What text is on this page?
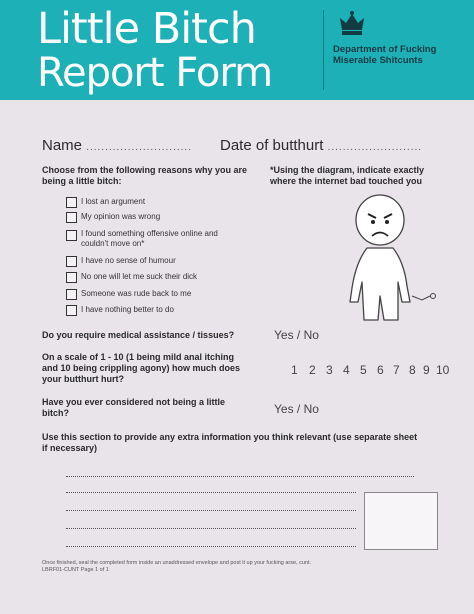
Little Bitch
Report Form
Department of Fucking Miserable Shitcunts
Name ............................ Date of butthurt .........................
Choose from the following reasons why you are being a little bitch:
I lost an argument
My opinion was wrong
I found something offensive online and couldn't move on*
I have no sense of humour
No one will let me suck their dick
Someone was rude back to me
I have nothing better to do
*Using the diagram, indicate exactly where the internet bad touched you
Do you require medical assistance / tissues?	Yes / No
On a scale of 1 - 10 (1 being mild anal itching and 10 being crippling agony) how much does your butthurt hurt?
1 2 3 4 5 6 7 8 9 10
Have you ever considered not being a little bitch?	Yes / No
Use this section to provide any extra information you think relevant (use separate sheet if necessary)
Once finished, seal the completed form inside an unaddressed envelope and post it up your fucking arse, cunt.
LBRF01-CUNT Page 1 of 1
